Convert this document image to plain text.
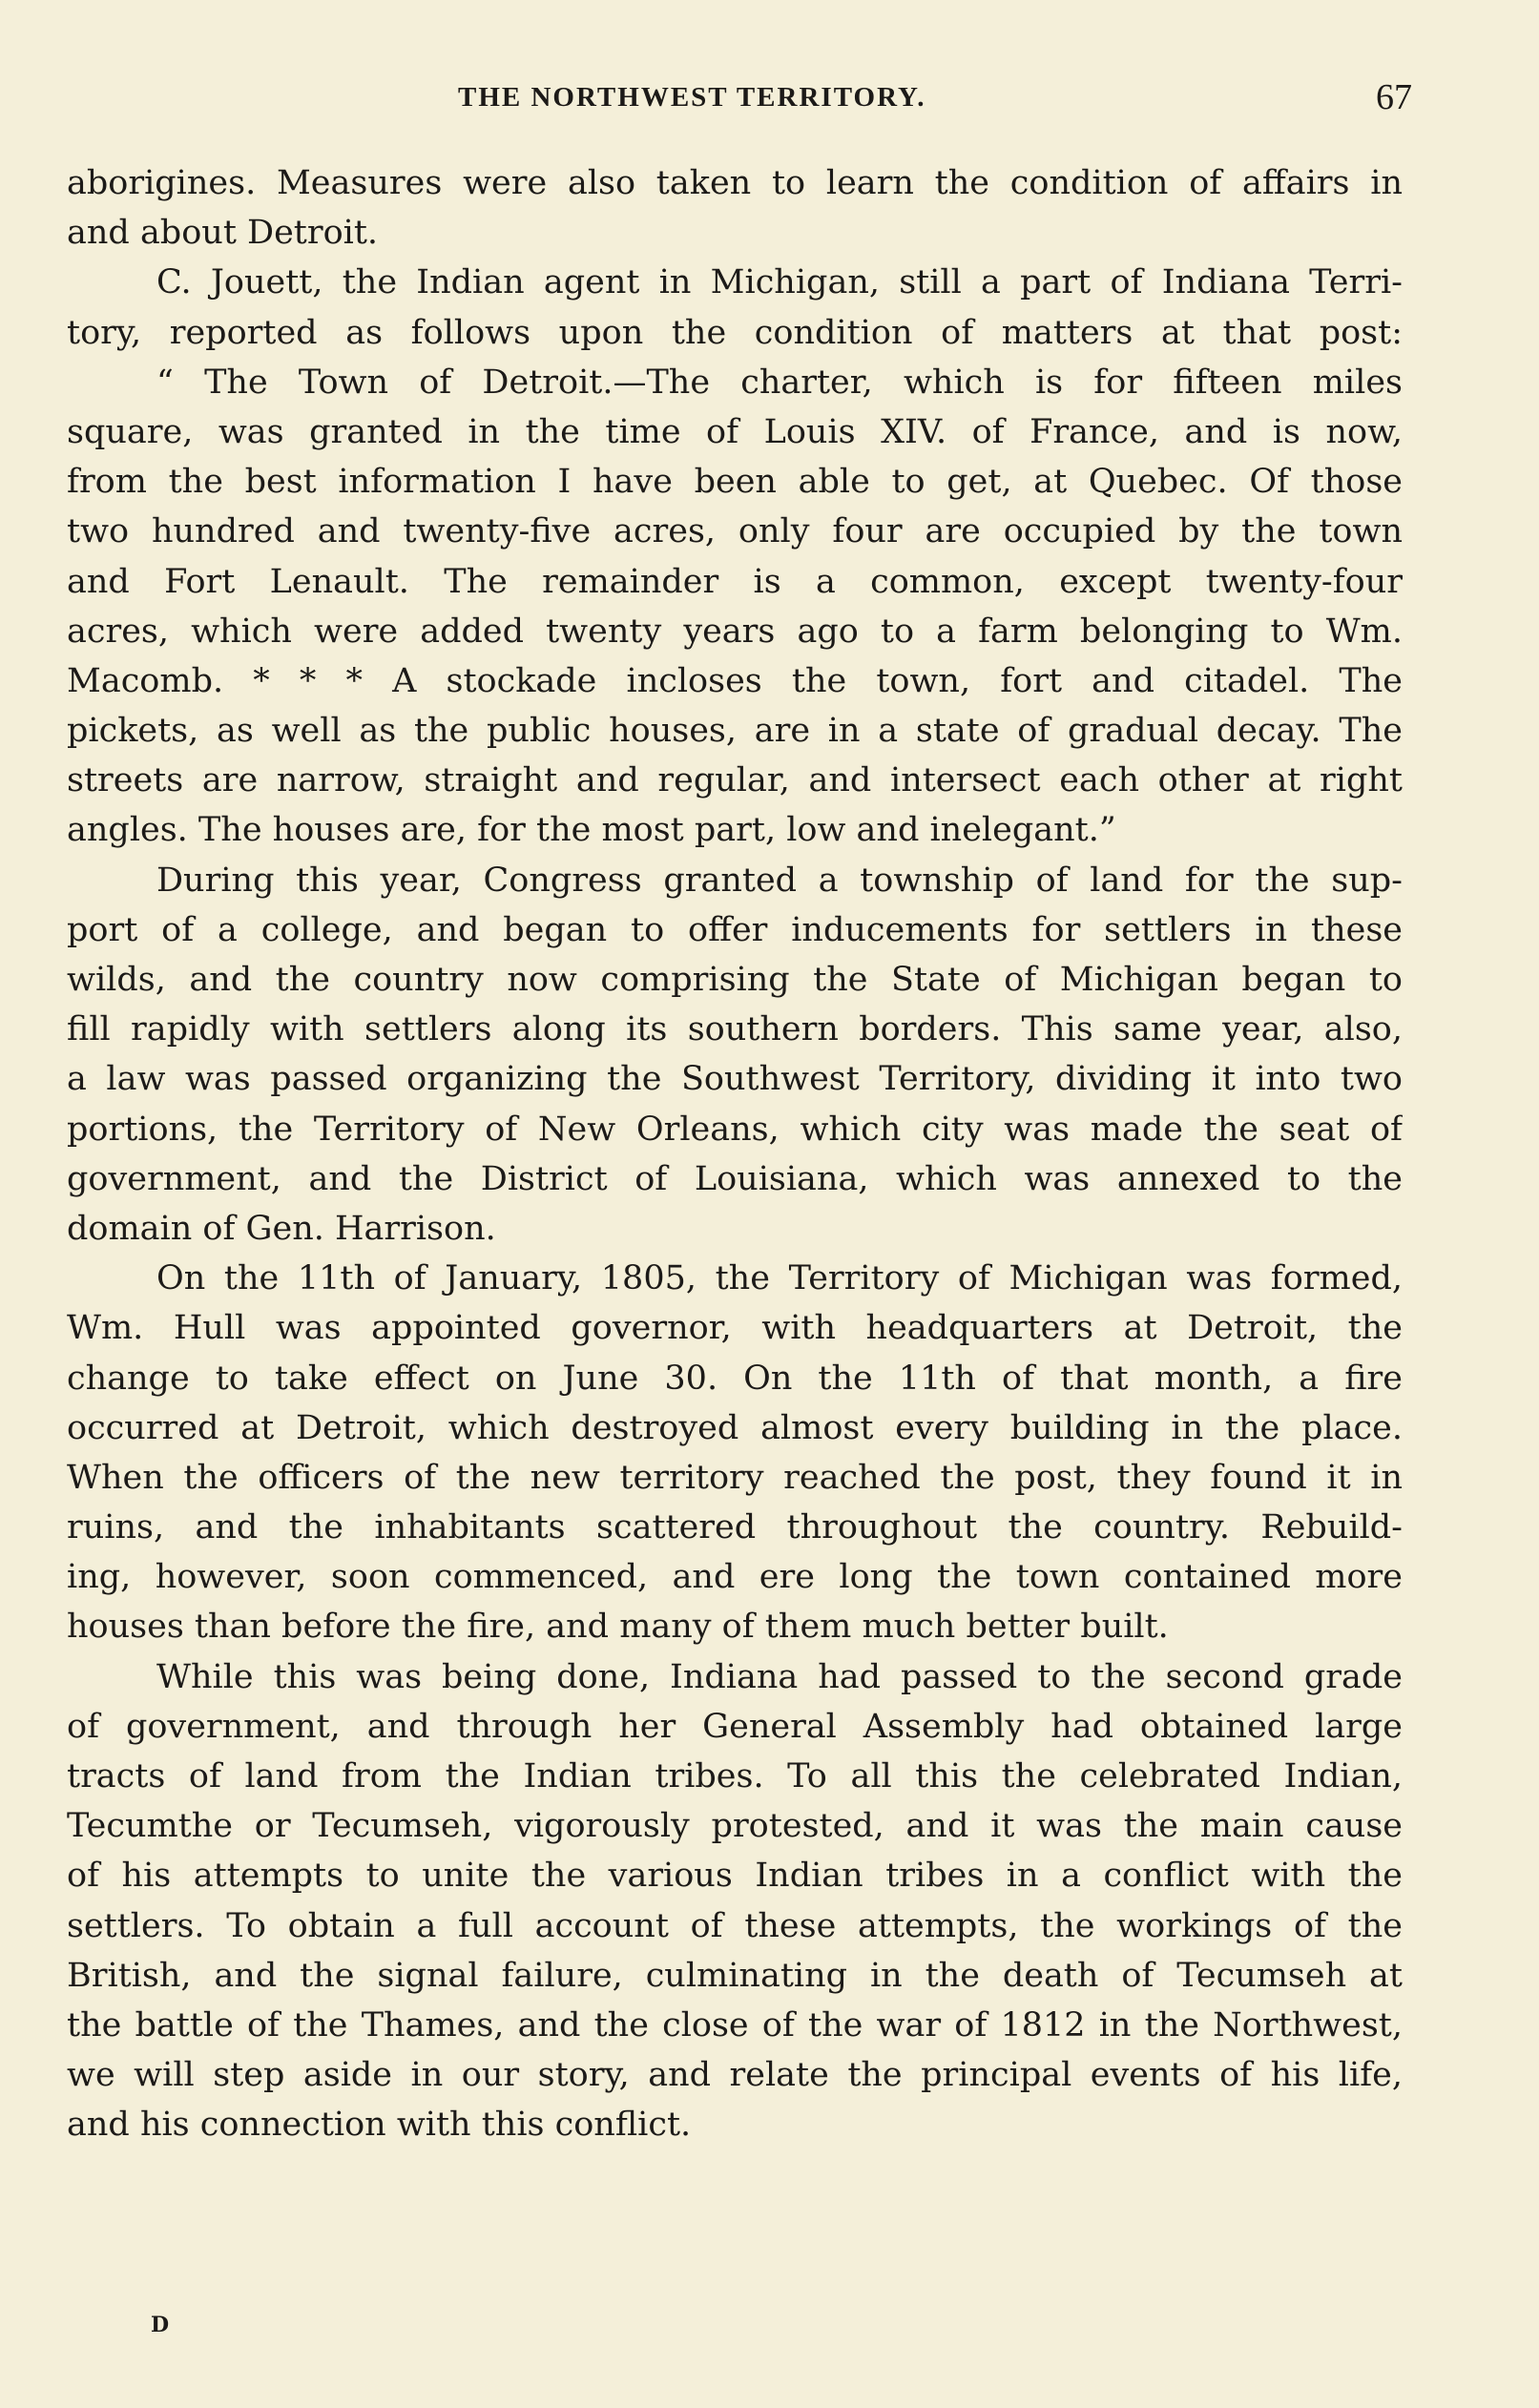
THE NORTHWEST TERRITORY.	67
aborigines. Measures were also taken to learn the condition of affairs in
and about Detroit.
C. Jouett, the Indian agent in Michigan, still a part of Indiana Terri-
tory, reported as follows upon the condition of matters at that post:
“ The Town of Detroit.—The charter, which is for fifteen miles
square, was granted in the time of Louis XIV. of France, and is now,
from the best information I have been able to get, at Quebec. Of those
two hundred and twenty-five acres, only four are occupied by the town
and Fort Lenault. The remainder is a common, except twenty-four
acres, which were added twenty years ago to a farm belonging to Wm.
Macomb. * * * A stockade incloses the town, fort and citadel. The
pickets, as well as the public houses, are in a state of gradual decay. The
streets are narrow, straight and regular, and intersect each other at right
angles. The houses are, for the most part, low and inelegant.”
During this year, Congress granted a township of land for the sup-
port of a college, and began to offer inducements for settlers in these
wilds, and the country now comprising the State of Michigan began to
fill rapidly with settlers along its southern borders. This same year, also,
a law was passed organizing the Southwest Territory, dividing it into two
portions, the Territory of New Orleans, which city was made the seat of
government, and the District of Louisiana, which was annexed to the
domain of Gen. Harrison.
On the 11th of January, 1805, the Territory of Michigan was formed,
Wm. Hull was appointed governor, with headquarters at Detroit, the
change to take effect on June 30. On the 11th of that month, a fire
occurred at Detroit, which destroyed almost every building in the place.
When the officers of the new territory reached the post, they found it in
ruins, and the inhabitants scattered throughout the country. Rebuild-
ing, however, soon commenced, and ere long the town contained more
houses than before the fire, and many of them much better built.
While this was being done, Indiana had passed to the second grade
of government, and through her General Assembly had obtained large
tracts of land from the Indian tribes. To all this the celebrated Indian,
Tecumthe or Tecumseh, vigorously protested, and it was the main cause
of his attempts to unite the various Indian tribes in a conflict with the
settlers. To obtain a full account of these attempts, the workings of the
British, and the signal failure, culminating in the death of Tecumseh at
the battle of the Thames, and the close of the war of 1812 in the Northwest,
we will step aside in our story, and relate the principal events of his life,
and his connection with this conflict.
D
